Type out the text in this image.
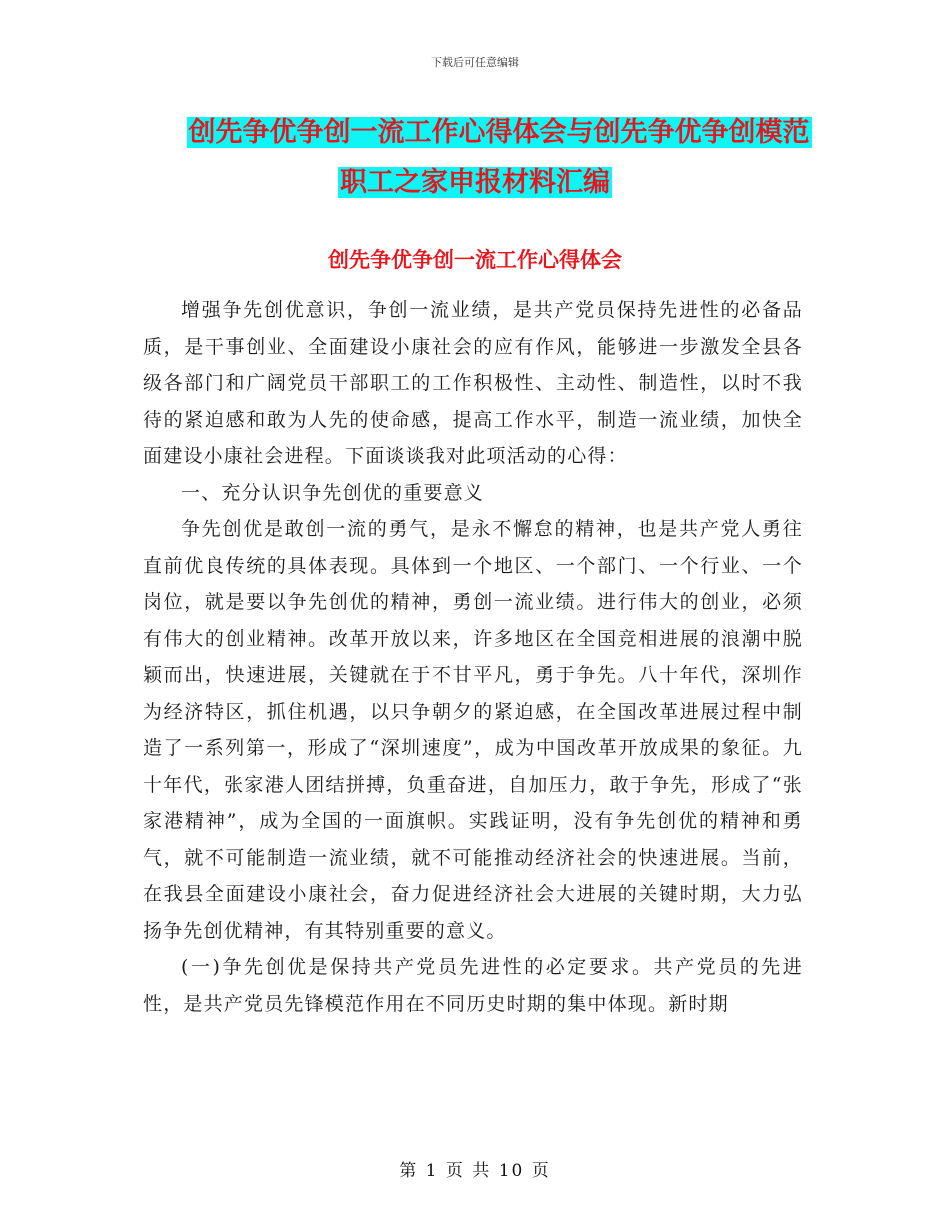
下载后可任意编辑
创先争优争创一流工作心得体会与创先争优争创模范
职工之家申报材料汇编
创先争优争创一流工作心得体会

增强争先创优意识，争创一流业绩，是共产党员保持先进性的必备品质，是干事创业、全面建设小康社会的应有作风，能够进一步激发全县各级各部门和广阔党员干部职工的工作积极性、主动性、制造性，以时不我待的紧迫感和敢为人先的使命感，提高工作水平，制造一流业绩，加快全面建设小康社会进程。下面谈谈我对此项活动的心得：

一、充分认识争先创优的重要意义

争先创优是敢创一流的勇气，是永不懈怠的精神，也是共产党人勇往直前优良传统的具体表现。具体到一个地区、一个部门、一个行业、一个岗位，就是要以争先创优的精神，勇创一流业绩。进行伟大的创业，必须有伟大的创业精神。改革开放以来，许多地区在全国竞相进展的浪潮中脱颖而出，快速进展，关键就在于不甘平凡，勇于争先。八十年代，深圳作为经济特区，抓住机遇，以只争朝夕的紧迫感，在全国改革进展过程中制造了一系列第一，形成了“深圳速度”，成为中国改革开放成果的象征。九十年代，张家港人团结拼搏，负重奋进，自加压力，敢于争先，形成了“张家港精神”，成为全国的一面旗帜。实践证明，没有争先创优的精神和勇气，就不可能制造一流业绩，就不可能推动经济社会的快速进展。当前，在我县全面建设小康社会，奋力促进经济社会大进展的关键时期，大力弘扬争先创优精神，有其特别重要的意义。

(一)争先创优是保持共产党员先进性的必定要求。共产党员的先进性，是共产党员先锋模范作用在不同历史时期的集中体现。新时期

第 1 页 共 10 页
